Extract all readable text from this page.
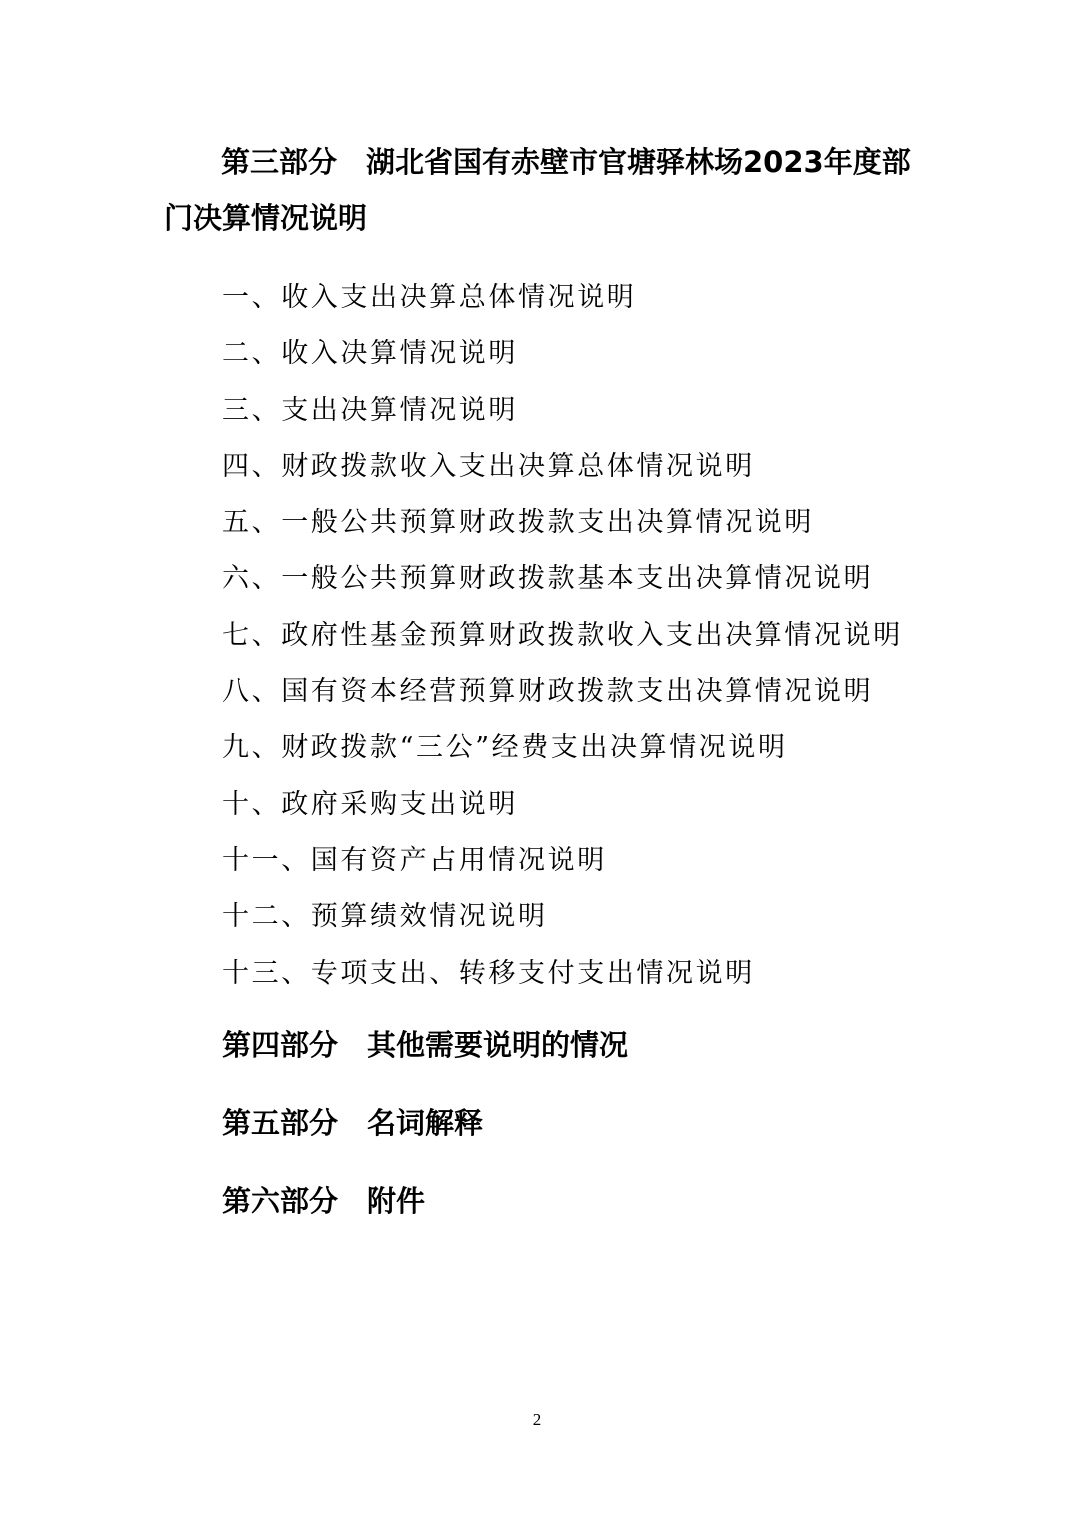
第三部分　湖北省国有赤壁市官塘驿林场2023年度部门决算情况说明
一、收入支出决算总体情况说明
二、收入决算情况说明
三、支出决算情况说明
四、财政拨款收入支出决算总体情况说明
五、一般公共预算财政拨款支出决算情况说明
六、一般公共预算财政拨款基本支出决算情况说明
七、政府性基金预算财政拨款收入支出决算情况说明
八、国有资本经营预算财政拨款支出决算情况说明
九、财政拨款“三公”经费支出决算情况说明
十、政府采购支出说明
十一、国有资产占用情况说明
十二、预算绩效情况说明
十三、专项支出、转移支付支出情况说明
第四部分　其他需要说明的情况
第五部分　名词解释
第六部分　附件
2
